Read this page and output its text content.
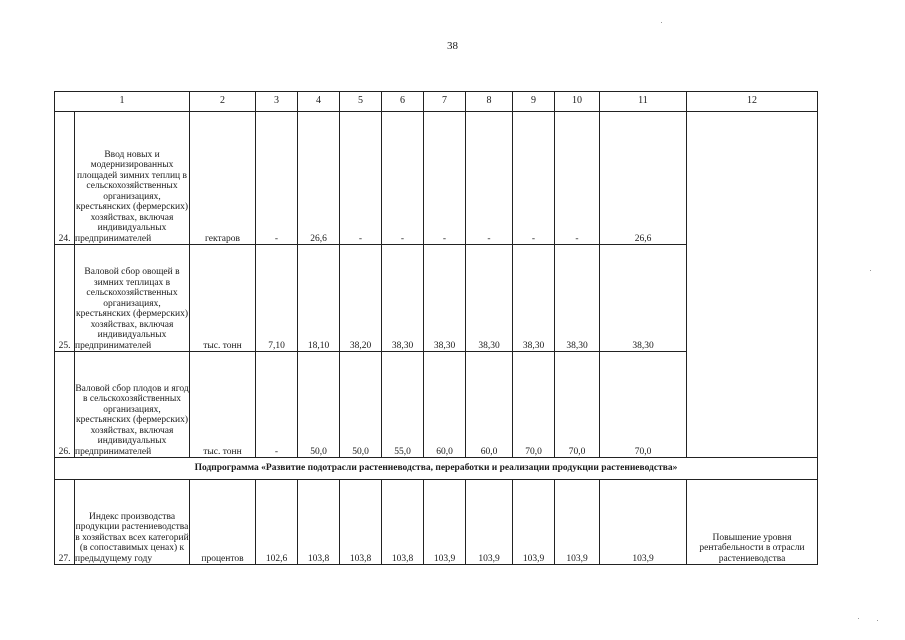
38
1		2	3	4	5	6	7	8	9	10	11	12
24.	Ввод новых и модернизированных площадей зимних теплиц в сельскохозяйственных организациях, крестьянских (фермерских) хозяйствах, включая индивидуальных предпринимателей	гектаров	-	26,6	-	-	-	-	-	-	26,6	
25.	Валовой сбор овощей в зимних теплицах в сельскохозяйственных организациях, крестьянских (фермерских) хозяйствах, включая индивидуальных предпринимателей	тыс. тонн	7,10	18,10	38,20	38,30	38,30	38,30	38,30	38,30	38,30	
26.	Валовой сбор плодов и ягод в сельскохозяйственных организациях, крестьянских (фермерских) хозяйствах, включая индивидуальных предпринимателей	тыс. тонн	-	50,0	50,0	55,0	60,0	60,0	70,0	70,0	70,0	
Подпрограмма «Развитие подотрасли растениеводства, переработки и реализации продукции растениеводства»												
27.	Индекс производства продукции растениеводства в хозяйствах всех категорий (в сопоставимых ценах) к предыдущему году	процентов	102,6	103,8	103,8	103,8	103,9	103,9	103,9	103,9	103,9	Повышение уровня рентабельности в отрасли растениеводства
